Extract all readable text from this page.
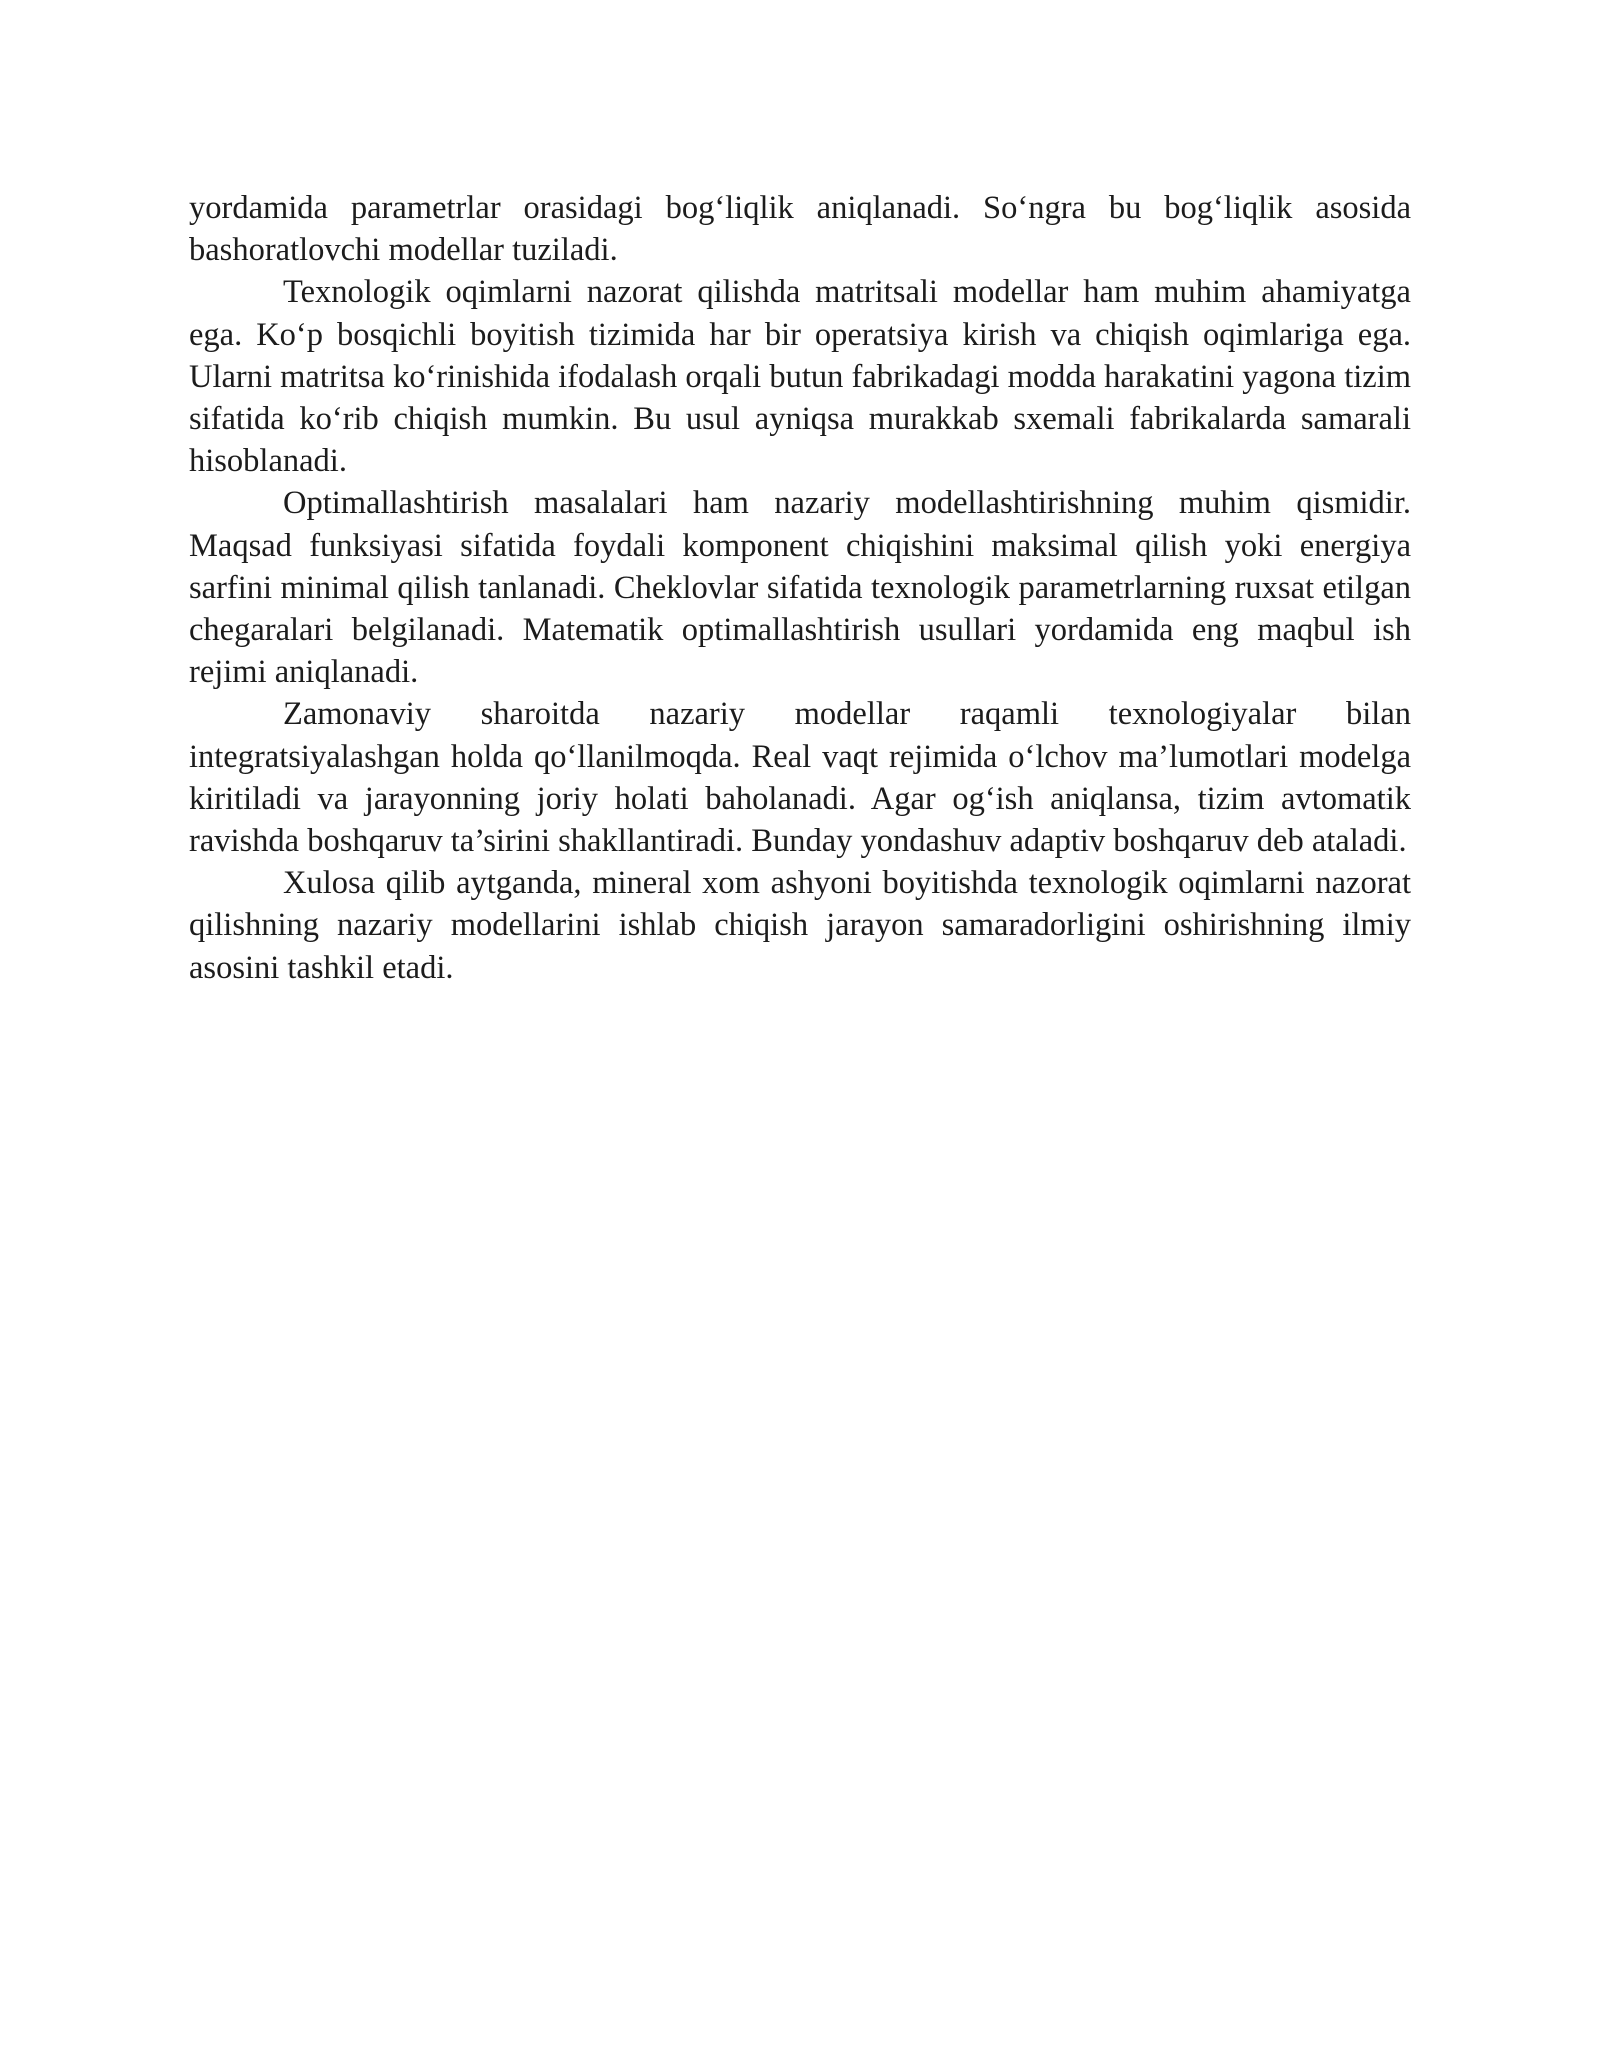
yordamida parametrlar orasidagi bog‘liqlik aniqlanadi. So‘ngra bu bog‘liqlik asosida bashoratlovchi modellar tuziladi.

Texnologik oqimlarni nazorat qilishda matritsali modellar ham muhim ahamiyatga ega. Ko‘p bosqichli boyitish tizimida har bir operatsiya kirish va chiqish oqimlariga ega. Ularni matritsa ko‘rinishida ifodalash orqali butun fabrikadagi modda harakatini yagona tizim sifatida ko‘rib chiqish mumkin. Bu usul ayniqsa murakkab sxemali fabrikalarda samarali hisoblanadi.

Optimallashtirish masalalari ham nazariy modellashtirishning muhim qismidir. Maqsad funksiyasi sifatida foydali komponent chiqishini maksimal qilish yoki energiya sarfini minimal qilish tanlanadi. Cheklovlar sifatida texnologik parametrlarning ruxsat etilgan chegaralari belgilanadi. Matematik optimallashtirish usullari yordamida eng maqbul ish rejimi aniqlanadi.

Zamonaviy sharoitda nazariy modellar raqamli texnologiyalar bilan integratsiyalashgan holda qo‘llanilmoqda. Real vaqt rejimida o‘lchov ma’lumotlari modelga kiritiladi va jarayonning joriy holati baholanadi. Agar og‘ish aniqlansa, tizim avtomatik ravishda boshqaruv ta’sirini shakllantiradi. Bunday yondashuv adaptiv boshqaruv deb ataladi.

Xulosa qilib aytganda, mineral xom ashyoni boyitishda texnologik oqimlarni nazorat qilishning nazariy modellarini ishlab chiqish jarayon samaradorligini oshirishning ilmiy asosini tashkil etadi.
